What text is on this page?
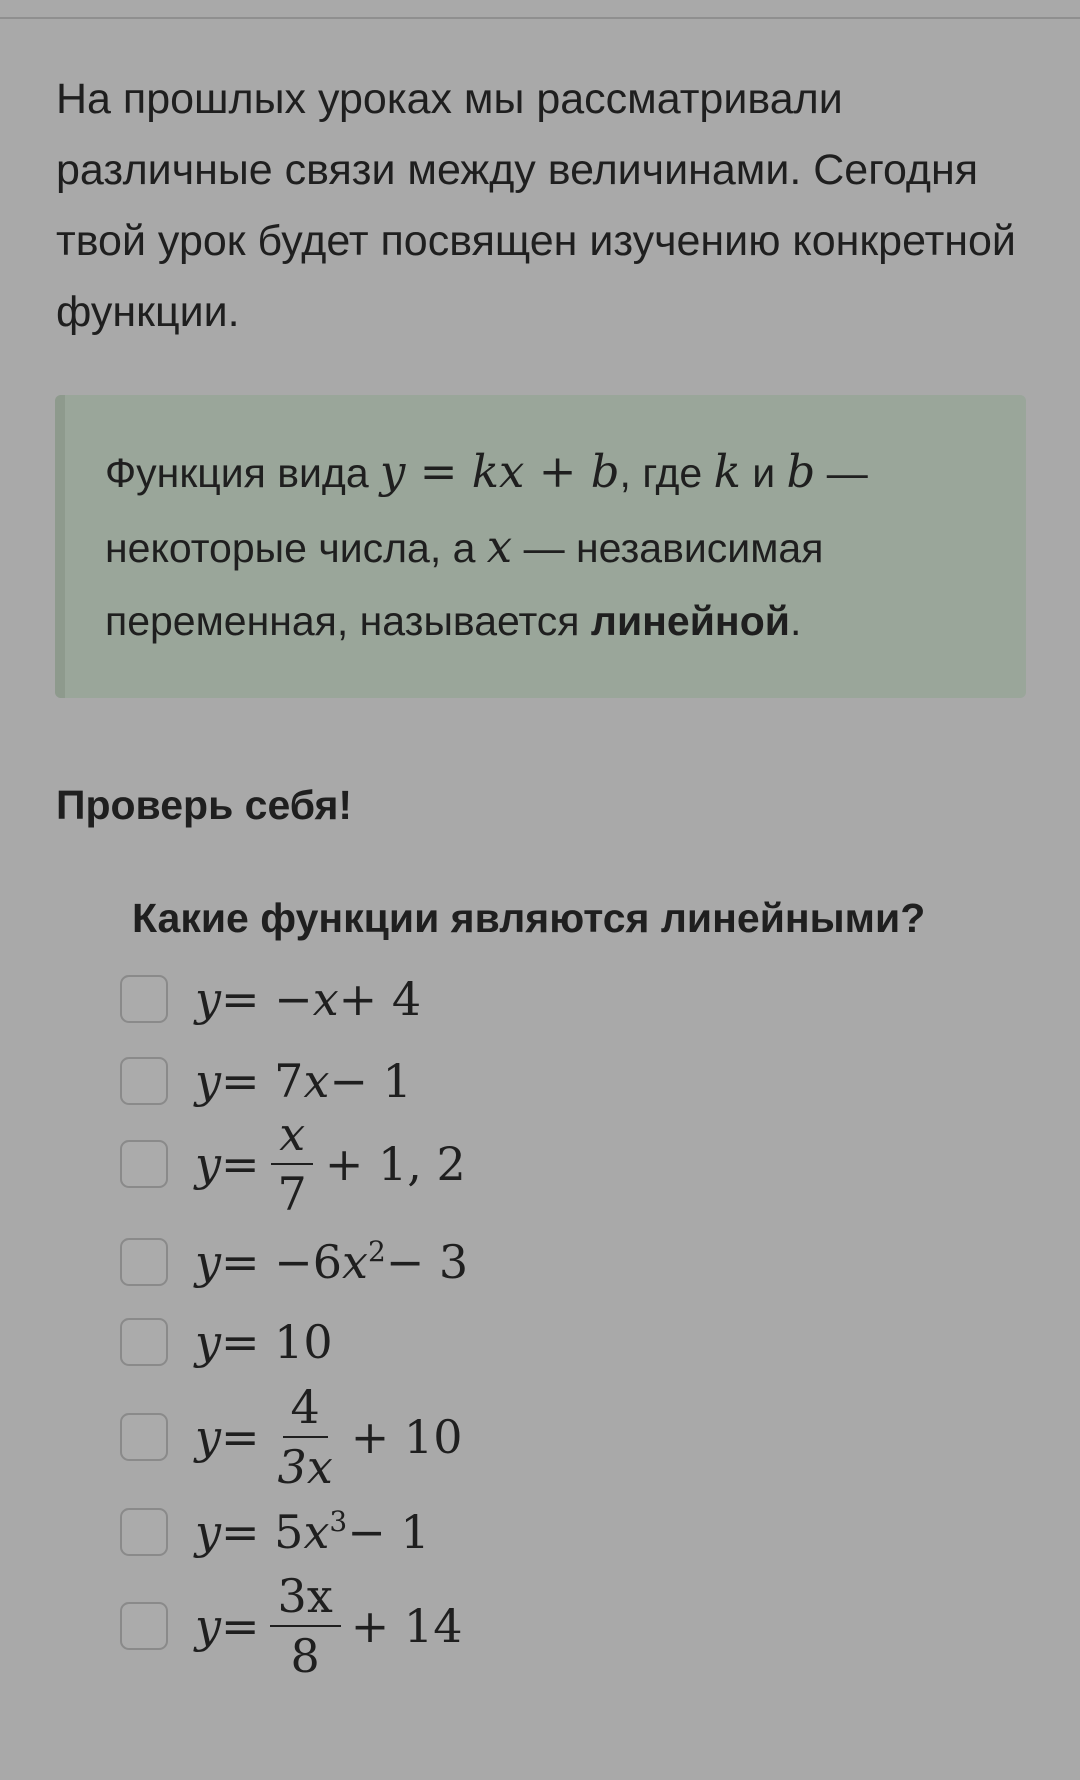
На прошлых уроках мы рассматривали различные связи между величинами. Сегодня твой урок будет посвящен изучению конкретной функции.
Функция вида y = kx + b, где k и b — некоторые числа, а x — независимая переменная, называется линейной.
Проверь себя!
Какие функции являются линейными?
y = − x + 4
y = 7 x − 1
$y = \frac{x}{7} + 1$, 2
y = −6 $x^2 - 3$
y = 10
$y = \frac{4}{3x} + 10$
y = 5 $x^3 - 1$
$y = \frac{3x}{8} + 14$
